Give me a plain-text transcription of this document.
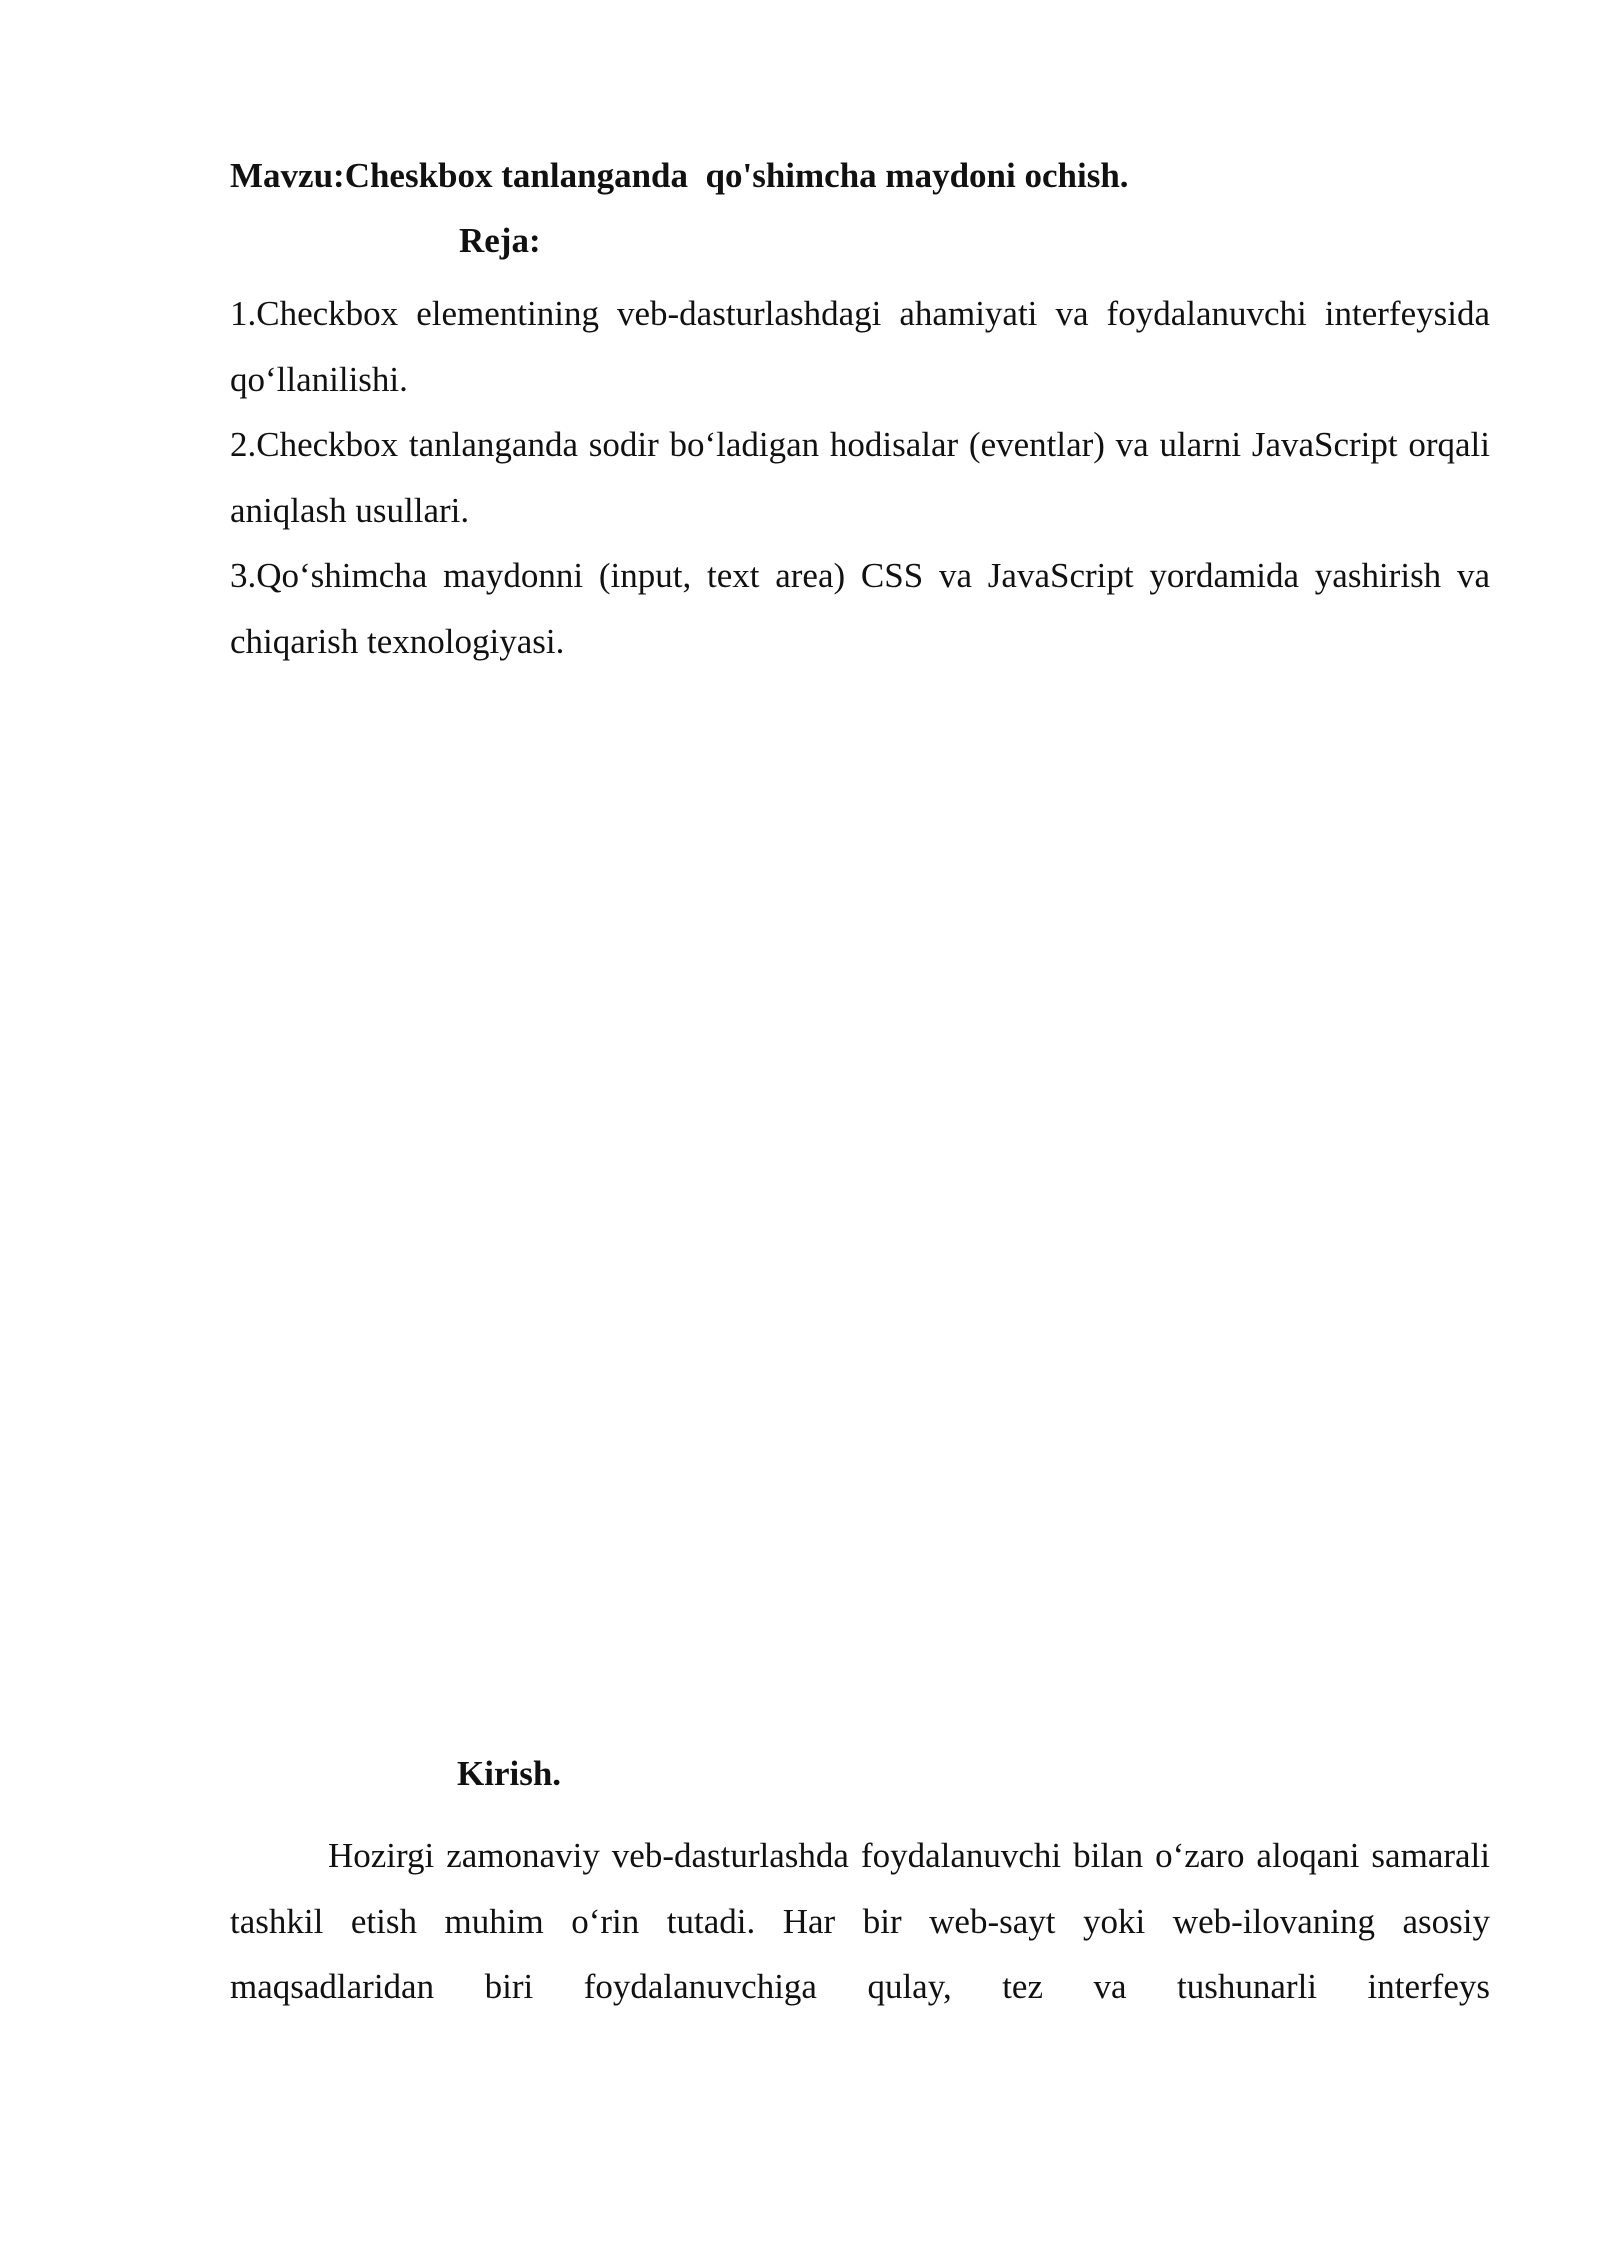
Mavzu:Cheskbox tanlanganda  qo'shimcha maydoni ochish.
Reja:

1.Checkbox elementining veb-dasturlashdagi ahamiyati va foydalanuvchi interfeysida qo‘llanilishi.

2.Checkbox tanlanganda sodir bo‘ladigan hodisalar (eventlar) va ularni JavaScript orqali aniqlash usullari.

3.Qo‘shimcha maydonni (input, text area) CSS va JavaScript yordamida yashirish va chiqarish texnologiyasi.

Kirish.

Hozirgi zamonaviy veb-dasturlashda foydalanuvchi bilan o‘zaro aloqani samarali tashkil etish muhim o‘rin tutadi. Har bir web-sayt yoki web-ilovaning asosiy maqsadlaridan biri foydalanuvchiga qulay, tez va tushunarli interfeys
